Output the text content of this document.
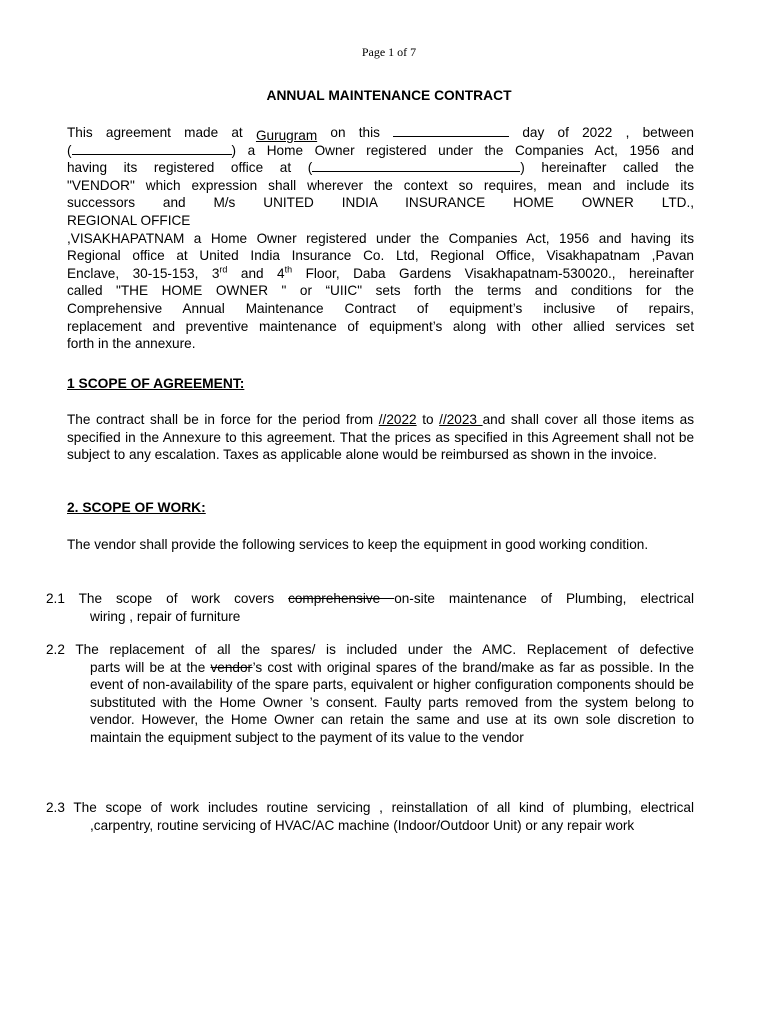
Page 1 of 7
ANNUAL MAINTENANCE CONTRACT
This agreement made at Gurugram on this	day of 2022 , between
(	) a Home Owner registered under the Companies Act, 1956 and
having its registered office at (	) hereinafter called the
"VENDOR" which expression shall wherever the context so requires, mean and include its
successors and M/s UNITED INDIA INSURANCE HOME OWNER LTD.,
REGIONAL OFFICE
,VISAKHAPATNAM a Home Owner registered under the Companies Act, 1956 and having its
Regional office at United India Insurance Co. Ltd, Regional Office, Visakhapatnam ,Pavan
Enclave, 30-15-153, 3rd and 4th Floor, Daba Gardens Visakhapatnam-530020., hereinafter
called "THE HOME OWNER " or “UIIC" sets forth the terms and conditions for the
Comprehensive Annual Maintenance Contract of equipment’s inclusive of repairs,
replacement and preventive maintenance of equipment’s along with other allied services set
forth in the annexure.
1 SCOPE OF AGREEMENT:
The contract shall be in force for the period from //2022 to //2023 and shall cover all those items as specified in the Annexure to this agreement. That the prices as specified in this Agreement shall not be subject to any escalation. Taxes as applicable alone would be reimbursed as shown in the invoice.
2. SCOPE OF WORK:
The vendor shall provide the following services to keep the equipment in good working condition.
2.1 The scope of work covers comprehensive on-site maintenance of Plumbing, electrical
wiring , repair of furniture
2.2 The replacement of all the spares/ is included under the AMC. Replacement of defective
parts will be at the vendor’s cost with original spares of the brand/make as far as possible. In the event of non-availability of the spare parts, equivalent or higher configuration components should be substituted with the Home Owner ’s consent. Faulty parts removed from the system belong to vendor. However, the Home Owner can retain the same and use at its own sole discretion to maintain the equipment subject to the payment of its value to the vendor
2.3 The scope of work includes routine servicing , reinstallation of all kind of plumbing, electrical
,carpentry, routine servicing of HVAC/AC machine (Indoor/Outdoor Unit) or any repair work
